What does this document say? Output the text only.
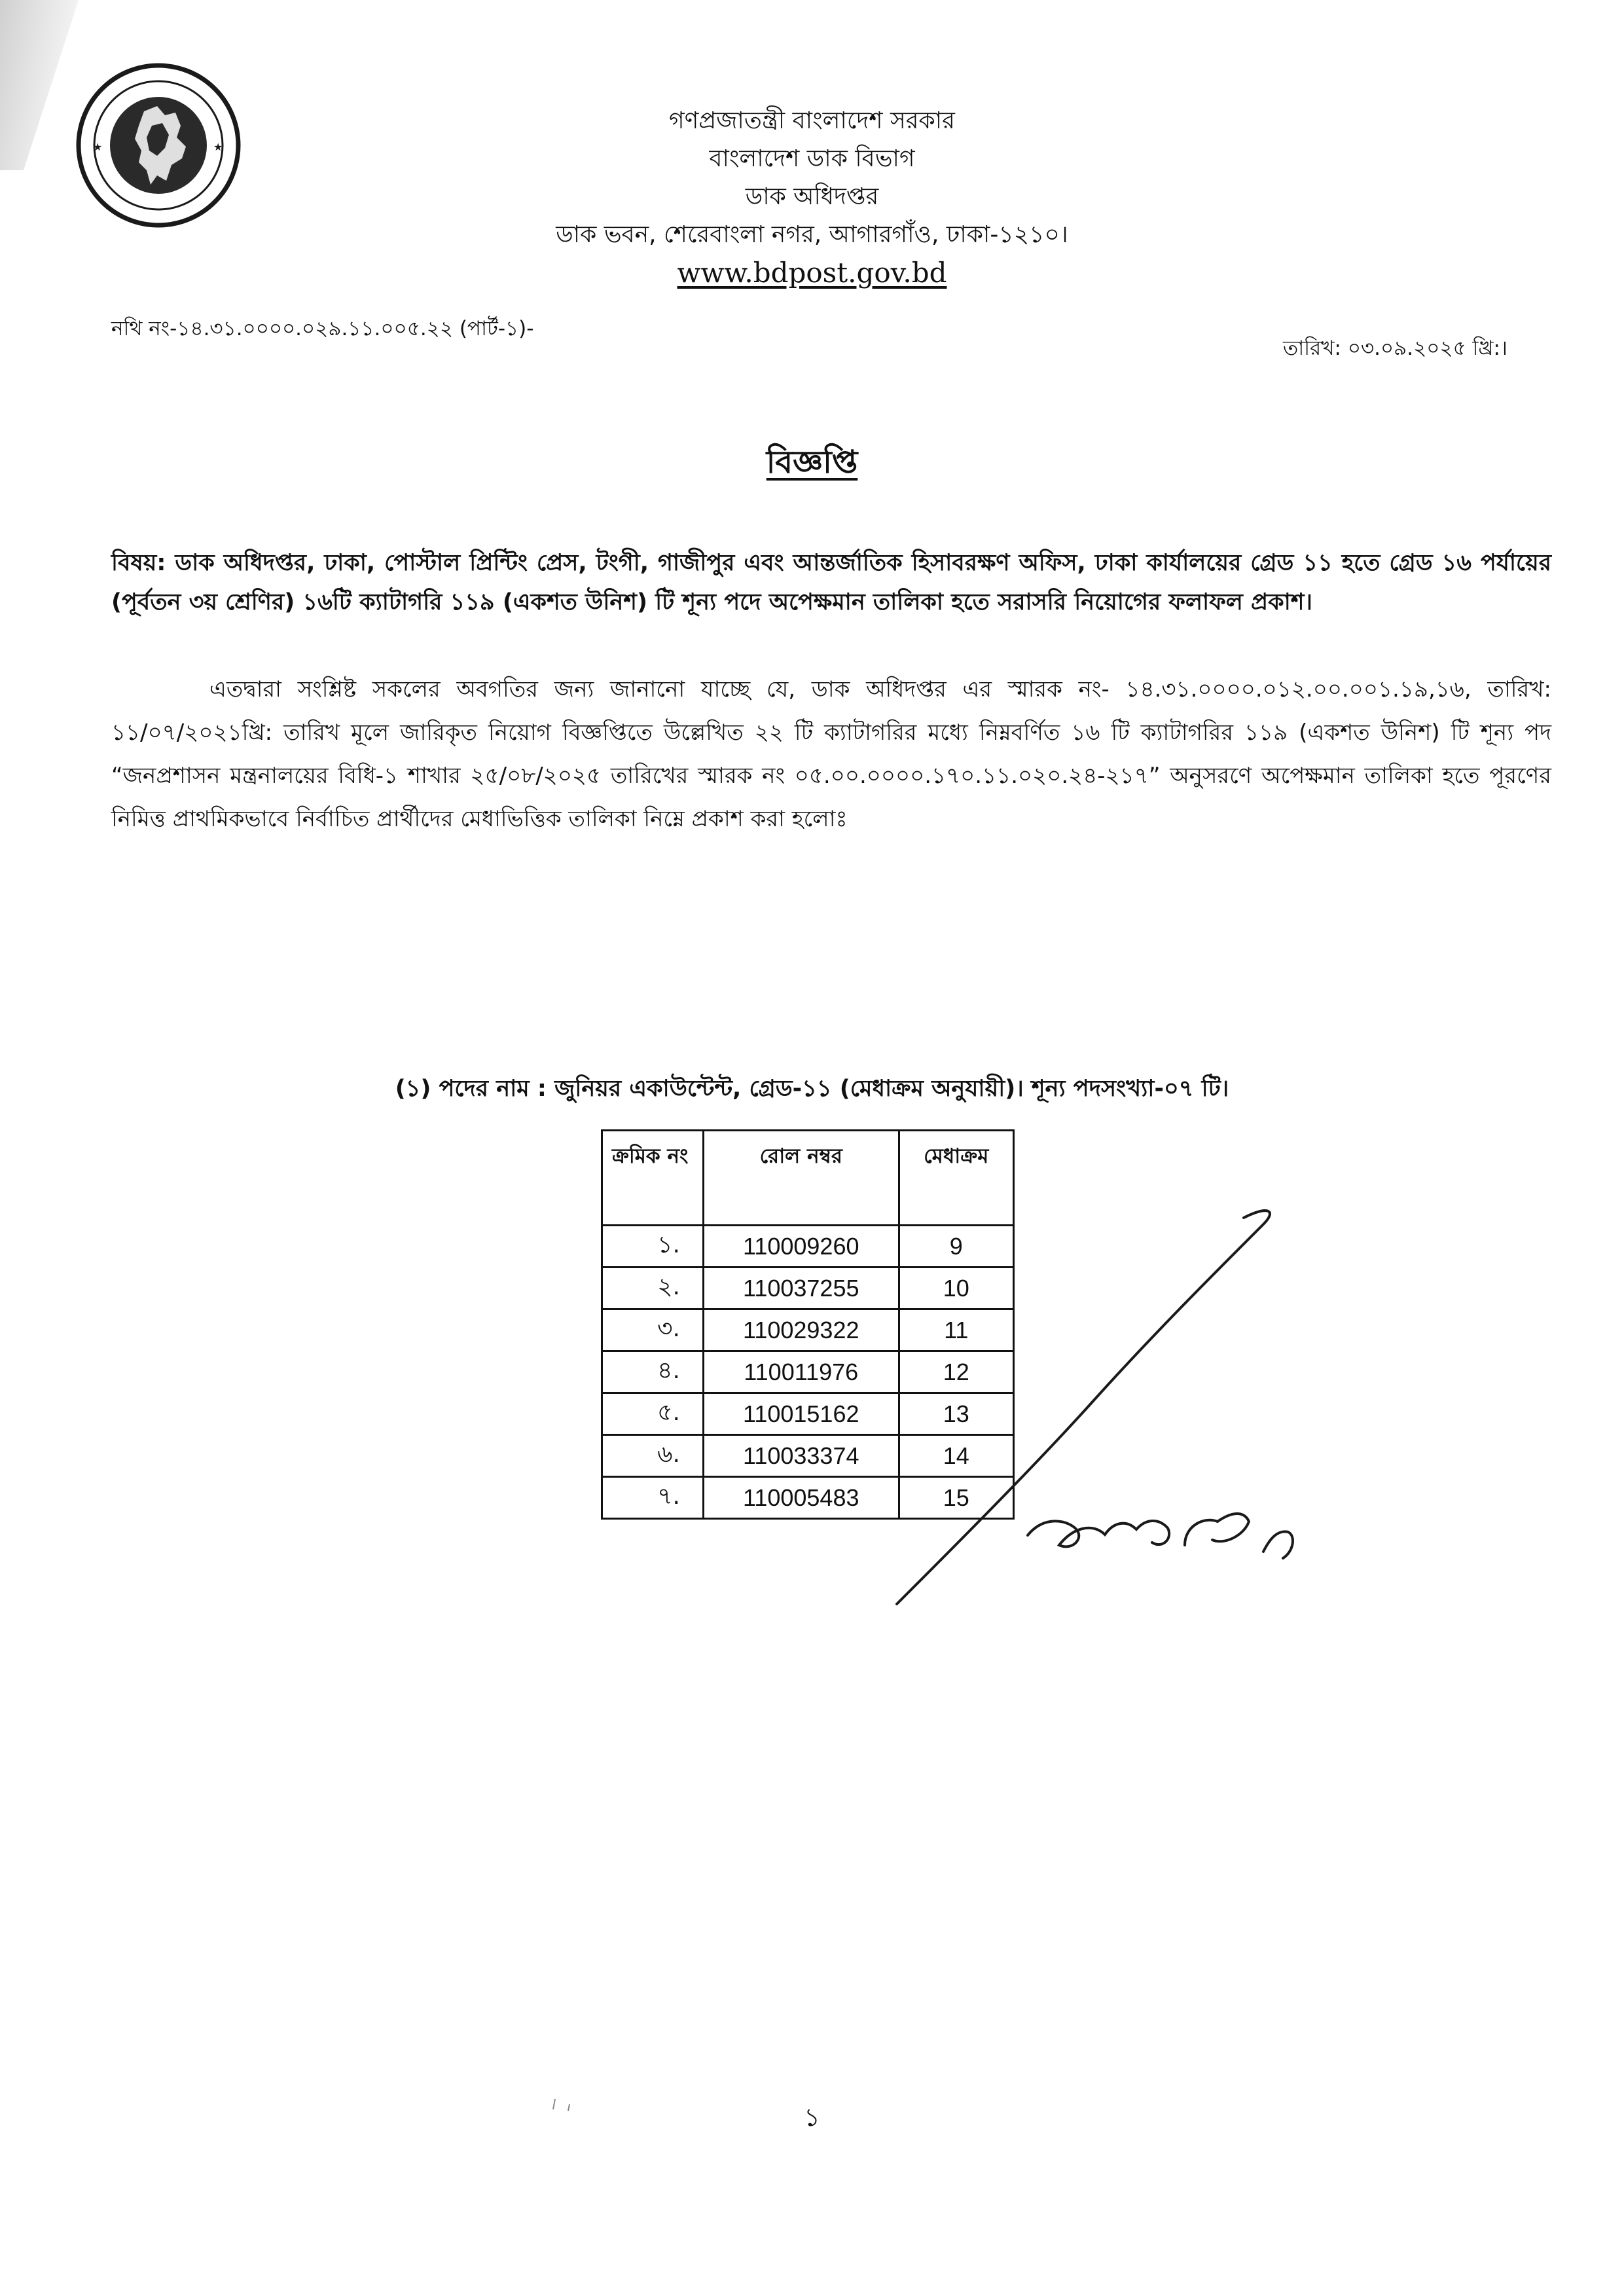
★	★
গণপ্রজাতন্ত্রী বাংলাদেশ সরকার
বাংলাদেশ ডাক বিভাগ
ডাক অধিদপ্তর
ডাক ভবন, শেরেবাংলা নগর, আগারগাঁও, ঢাকা-১২১০।
www.bdpost.gov.bd
নথি নং-১৪.৩১.০০০০.০২৯.১১.০০৫.২২ (পার্ট-১)-
তারিখ: ০৩.০৯.২০২৫ খ্রি:।
বিজ্ঞপ্তি
বিষয়: ডাক অধিদপ্তর, ঢাকা, পোস্টাল প্রিন্টিং প্রেস, টংগী, গাজীপুর এবং আন্তর্জাতিক হিসাবরক্ষণ অফিস, ঢাকা কার্যালয়ের গ্রেড ১১ হতে গ্রেড ১৬ পর্যায়ের (পূর্বতন ৩য় শ্রেণির) ১৬টি ক্যাটাগরি ১১৯ (একশত উনিশ) টি শূন্য পদে অপেক্ষমান তালিকা হতে সরাসরি নিয়োগের ফলাফল প্রকাশ।
এতদ্বারা সংশ্লিষ্ট সকলের অবগতির জন্য জানানো যাচ্ছে যে, ডাক অধিদপ্তর এর স্মারক নং- ১৪.৩১.০০০০.০১২.০০.০০১.১৯,১৬, তারিখ: ১১/০৭/২০২১খ্রি: তারিখ মূলে জারিকৃত নিয়োগ বিজ্ঞপ্তিতে উল্লেখিত ২২ টি ক্যাটাগরির মধ্যে নিম্নবর্ণিত ১৬ টি ক্যাটাগরির ১১৯ (একশত উনিশ) টি শূন্য পদ “জনপ্রশাসন মন্ত্রনালয়ের বিধি-১ শাখার ২৫/০৮/২০২৫ তারিখের স্মারক নং ০৫.০০.০০০০.১৭০.১১.০২০.২৪-২১৭” অনুসরণে অপেক্ষমান তালিকা হতে পূরণের নিমিত্ত প্রাথমিকভাবে নির্বাচিত প্রার্থীদের মেধাভিত্তিক তালিকা নিম্নে প্রকাশ করা হলোঃ
(১) পদের নাম : জুনিয়র একাউন্টেন্ট, গ্রেড-১১ (মেধাক্রম অনুযায়ী)। শূন্য পদসংখ্যা-০৭ টি।
ক্রমিক নং	রোল নম্বর	মেধাক্রম
১.	110009260	9
২.	110037255	10
৩.	110029322	11
৪.	110011976	12
৫.	110015162	13
৬.	110033374	14
৭.	110005483	15
১
